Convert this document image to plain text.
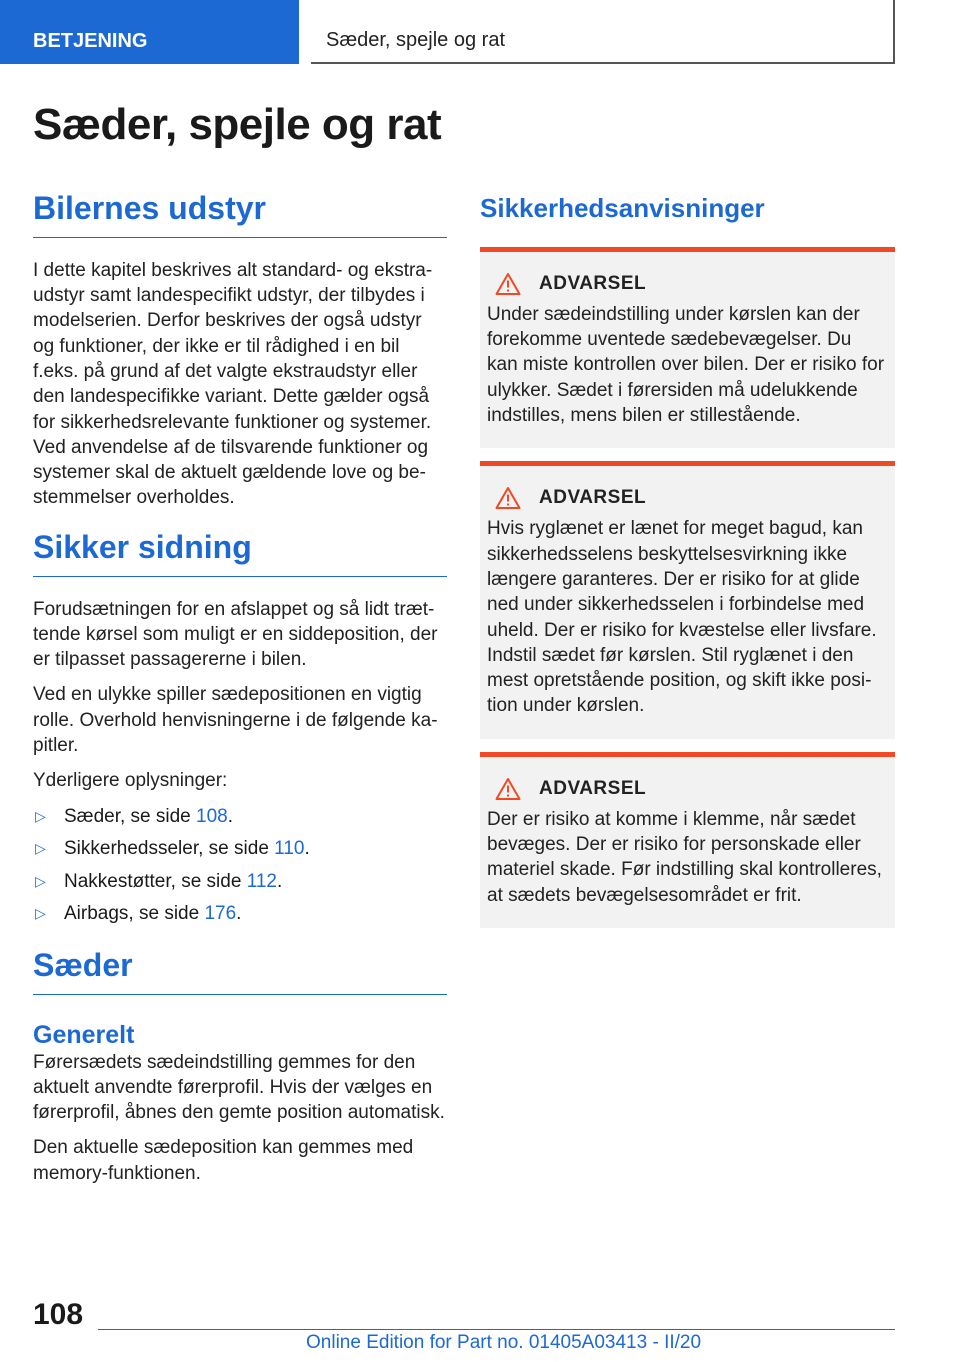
BETJENING	Sæder, spejle og rat
Sæder, spejle og rat
Bilernes udstyr

I dette kapitel beskrives alt standard- og ekstraudstyr samt landespecifikt udstyr, der tilbydes i modelserien. Derfor beskrives der også udstyr og funktioner, der ikke er til rådighed i en bil f.eks. på grund af det valgte ekstraudstyr eller den landespecifikke variant. Dette gælder også for sikkerhedsrelevante funktioner og systemer. Ved anvendelse af de tilsvarende funktioner og systemer skal de aktuelt gældende love og bestemmelser overholdes.

Sikker sidning

Forudsætningen for en afslappet og så lidt trættende kørsel som muligt er en siddeposition, der er tilpasset passagererne i bilen.

Ved en ulykke spiller sædepositionen en vigtig rolle. Overhold henvisningerne i de følgende kapitler.

Yderligere oplysninger:

▷ Sæder, se side 108.
▷ Sikkerhedsseler, se side 110.
▷ Nakkestøtter, se side 112.
▷ Airbags, se side 176.
Sæder
Generelt

Førersædets sædeindstilling gemmes for den aktuelt anvendte førerprofil. Hvis der vælges en førerprofil, åbnes den gemte position automatisk.

Den aktuelle sædeposition kan gemmes med memory-funktionen.

Sikkerhedsanvisninger
ADVARSEL

Under sædeindstilling under kørslen kan der forekomme uventede sædebevægelser. Du kan miste kontrollen over bilen. Der er risiko for ulykker. Sædet i førersiden må udelukkende indstilles, mens bilen er stillestående.

ADVARSEL

Hvis ryglænet er lænet for meget bagud, kan sikkerhedsselens beskyttelsesvirkning ikke længere garanteres. Der er risiko for at glide ned under sikkerhedsselen i forbindelse med uheld. Der er risiko for kvæstelse eller livsfare. Indstil sædet før kørslen. Stil ryglænet i den mest opretstående position, og skift ikke position under kørslen.

ADVARSEL

Der er risiko at komme i klemme, når sædet bevæges. Der er risiko for personskade eller materiel skade. Før indstilling skal kontrolleres, at sædets bevægelsesområdet er frit.

108
Online Edition for Part no. 01405A03413 - II/20
